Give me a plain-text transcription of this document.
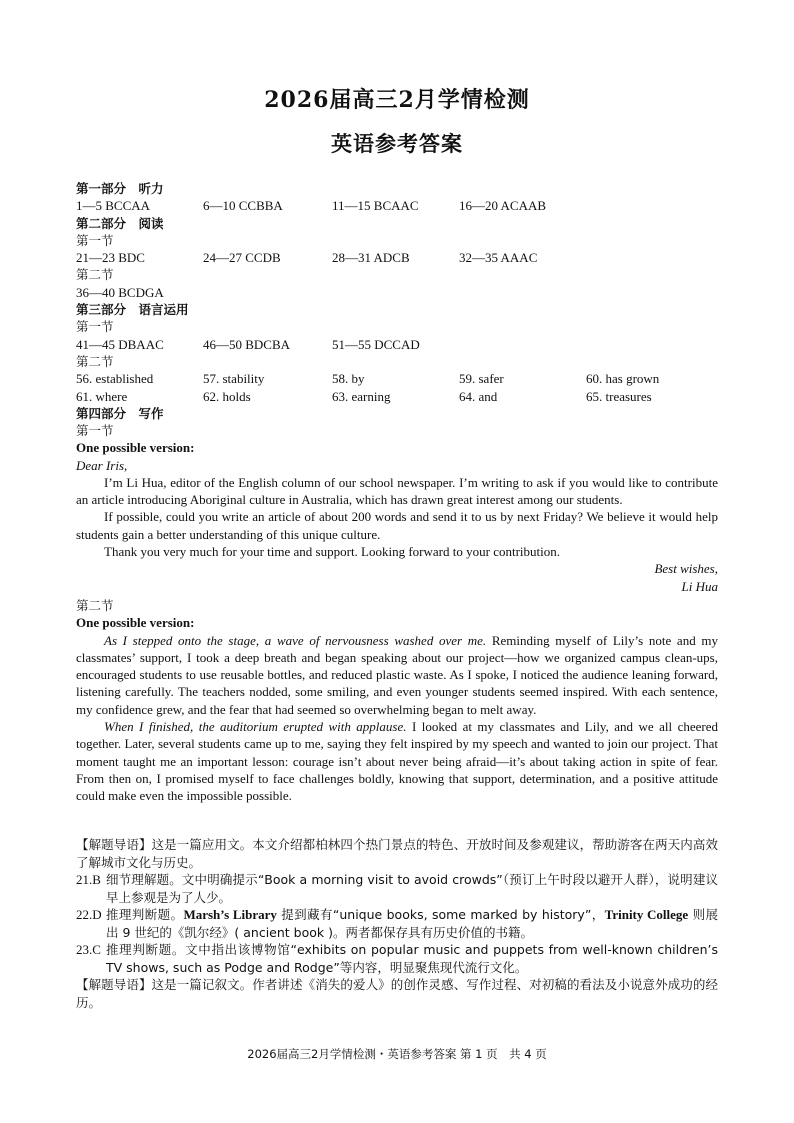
2026届高三2月学情检测
英语参考答案
第一部分　听力
1—5 BCCAA	6—10 CCBBA	11—15 BCAAC	16—20 ACAAB
第二部分　阅读
第一节
21—23 BDC	24—27 CCDB	28—31 ADCB	32—35 AAAC
第二节
36—40 BCDGA
第三部分　语言运用
第一节
41—45 DBAAC	46—50 BDCBA	51—55 DCCAD
第二节
56. established	57. stability	58. by	59. safer	60. has grown
61. where	62. holds	63. earning	64. and	65. treasures
第四部分　写作

第一节

One possible version:

Dear Iris,

I’m Li Hua, editor of the English column of our school newspaper. I’m writing to ask if you would like to contribute an article introducing Aboriginal culture in Australia, which has drawn great interest among our students.

If possible, could you write an article of about 200 words and send it to us by next Friday? We believe it would help students gain a better understanding of this unique culture.

Thank you very much for your time and support. Looking forward to your contribution.

Best wishes,

Li Hua

第二节

One possible version:

As I stepped onto the stage, a wave of nervousness washed over me. Reminding myself of Lily’s note and my classmates’ support, I took a deep breath and began speaking about our project—how we organized campus clean-ups, encouraged students to use reusable bottles, and reduced plastic waste. As I spoke, I noticed the audience leaning forward, listening carefully. The teachers nodded, some smiling, and even younger students seemed inspired. With each sentence, my confidence grew, and the fear that had seemed so overwhelming began to melt away.

When I finished, the auditorium erupted with applause. I looked at my classmates and Lily, and we all cheered together. Later, several students came up to me, saying they felt inspired by my speech and wanted to join our project. That moment taught me an important lesson: courage isn’t about never being afraid—it’s about taking action in spite of fear. From then on, I promised myself to face challenges boldly, knowing that support, determination, and a positive attitude could make even the impossible possible.

【解题导语】这是一篇应用文。本文介绍都柏林四个热门景点的特色、开放时间及参观建议，帮助游客在两天内高效了解城市文化与历史。
21.B 细节理解题。文中明确提示“Book a morning visit to avoid crowds”（预订上午时段以避开人群），说明建议早上参观是为了人少。
22.D 推理判断题。Marsh’s Library 提到藏有“unique books, some marked by history”，Trinity College 则展出 9 世纪的《凯尔经》( ancient book )。两者都保存具有历史价值的书籍。
23.C 推理判断题。文中指出该博物馆“exhibits on popular music and puppets from well-known children’s TV shows, such as Podge and Rodge”等内容，明显聚焦现代流行文化。
【解题导语】这是一篇记叙文。作者讲述《消失的爱人》的创作灵感、写作过程、对初稿的看法及小说意外成功的经历。
2026届高三2月学情检测・英语参考答案 第 1 页　共 4 页
